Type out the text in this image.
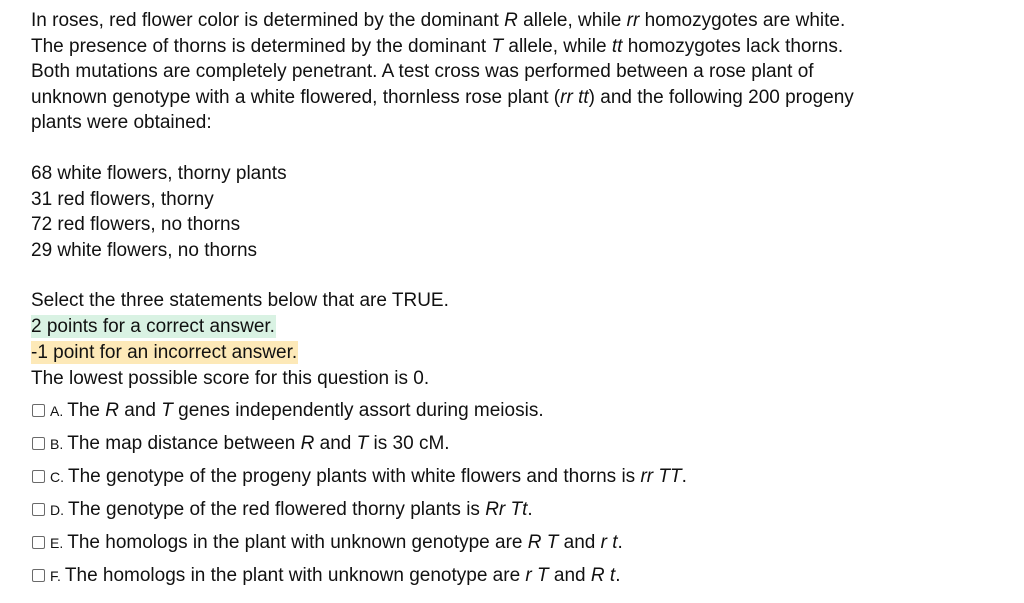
In roses, red flower color is determined by the dominant R allele, while rr homozygotes are white.

The presence of thorns is determined by the dominant T allele, while tt homozygotes lack thorns.

Both mutations are completely penetrant. A test cross was performed between a rose plant of

unknown genotype with a white flowered, thornless rose plant (rr tt) and the following 200 progeny

plants were obtained:

68 white flowers, thorny plants

31 red flowers, thorny

72 red flowers, no thorns

29 white flowers, no thorns

Select the three statements below that are TRUE.

2 points for a correct answer.
-1 point for an incorrect answer.

The lowest possible score for this question is 0.

A. The R and T genes independently assort during meiosis.
B. The map distance between R and T is 30 cM.
C. The genotype of the progeny plants with white flowers and thorns is rr TT.
D. The genotype of the red flowered thorny plants is Rr Tt.
E. The homologs in the plant with unknown genotype are R T and r t.
F. The homologs in the plant with unknown genotype are r T and R t.
